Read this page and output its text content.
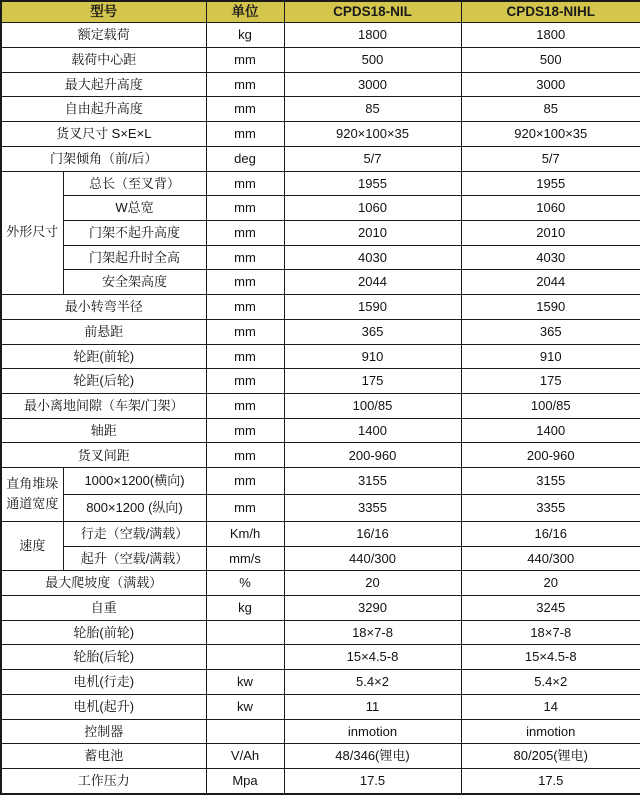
型号		单位	CPDS18-NIL	CPDS18-NIHL
额定载荷		kg	1800	1800
载荷中心距		mm	500	500
最大起升高度		mm	3000	3000
自由起升高度		mm	85	85
货叉尺寸 S×E×L		mm	920×100×35	920×100×35
门架倾角（前/后）		deg	5/7	5/7
外形尺寸	总长（至叉背）	mm	1955	1955
	W总宽	mm	1060	1060
	门架不起升高度	mm	2010	2010
	门架起升时全高	mm	4030	4030
	安全架高度	mm	2044	2044
最小转弯半径		mm	1590	1590
前悬距		mm	365	365
轮距(前轮)		mm	910	910
轮距(后轮)		mm	175	175
最小离地间隙（车架/门架）		mm	100/85	100/85
轴距		mm	1400	1400
货叉间距		mm	200-960	200-960
直角堆垛通道宽度	1000×1200(横向)	mm	3155	3155
	800×1200 (纵向)	mm	3355	3355
速度	行走（空载/满载）	Km/h	16/16	16/16
	起升（空载/满载）	mm/s	440/300	440/300
最大爬坡度（满载）		%	20	20
自重		kg	3290	3245
轮胎(前轮)			18×7-8	18×7-8
轮胎(后轮)			15×4.5-8	15×4.5-8
电机(行走)		kw	5.4×2	5.4×2
电机(起升)		kw	11	14
控制器			inmotion	inmotion
蓄电池		V/Ah	48/346(锂电)	80/205(锂电)
工作压力		Mpa	17.5	17.5
